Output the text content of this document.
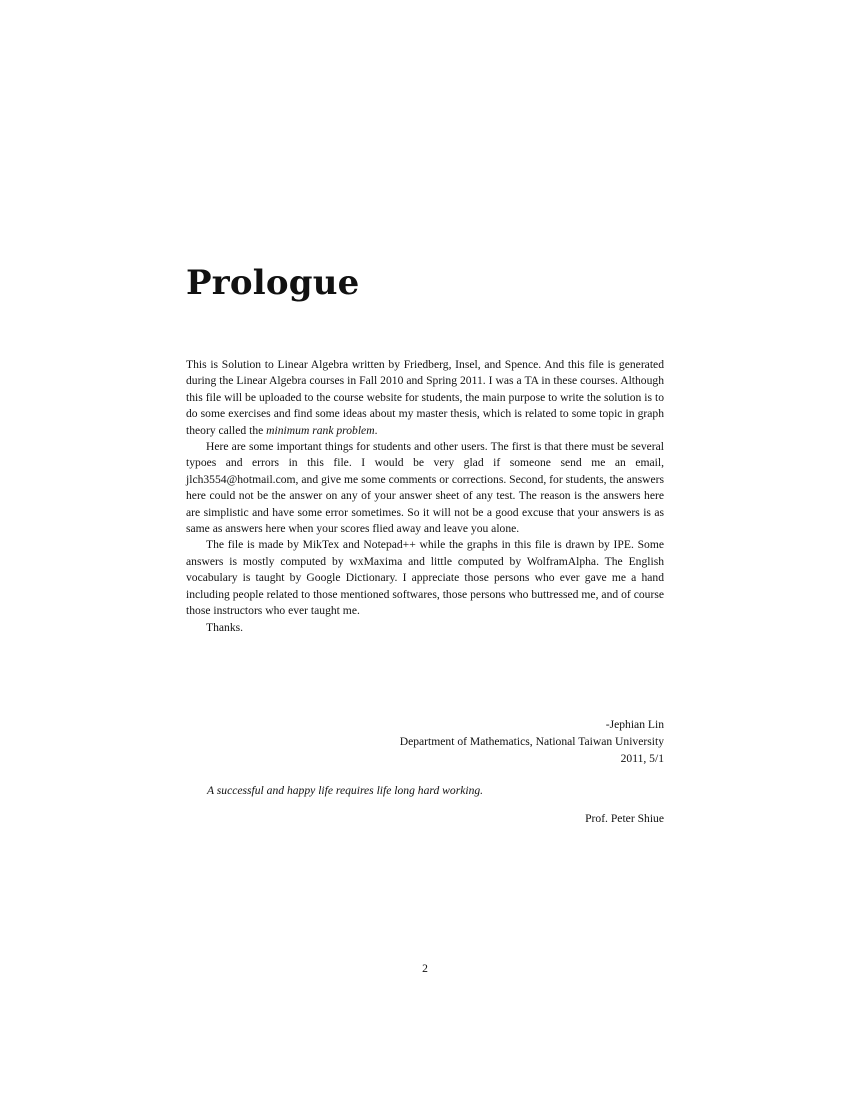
Prologue

This is Solution to Linear Algebra written by Friedberg, Insel, and Spence. And this file is generated during the Linear Algebra courses in Fall 2010 and Spring 2011. I was a TA in these courses. Although this file will be uploaded to the course website for students, the main purpose to write the solution is to do some exercises and find some ideas about my master thesis, which is related to some topic in graph theory called the minimum rank problem.

Here are some important things for students and other users. The first is that there must be several typoes and errors in this file. I would be very glad if someone send me an email, jlch3554@hotmail.com, and give me some comments or corrections. Second, for students, the answers here could not be the answer on any of your answer sheet of any test. The reason is the answers here are simplistic and have some error sometimes. So it will not be a good excuse that your answers is as same as answers here when your scores flied away and leave you alone.

The file is made by MikTex and Notepad++ while the graphs in this file is drawn by IPE. Some answers is mostly computed by wxMaxima and little computed by WolframAlpha. The English vocabulary is taught by Google Dictionary. I appreciate those persons who ever gave me a hand including people related to those mentioned softwares, those persons who buttressed me, and of course those instructors who ever taught me.

Thanks.

-Jephian Lin
Department of Mathematics, National Taiwan University
2011, 5/1
A successful and happy life requires life long hard working.
Prof. Peter Shiue
2
